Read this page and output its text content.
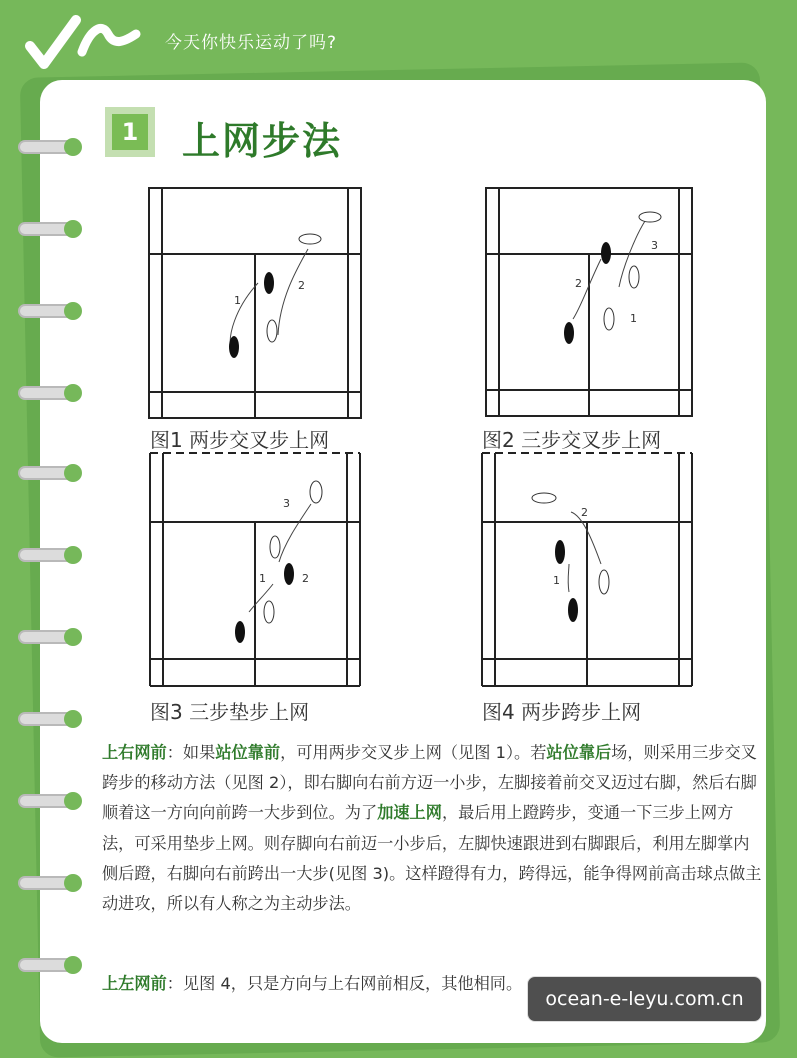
今天你快乐运动了吗?
1 上网步法
1
2
图1 两步交叉步上网
1
2
3
图2 三步交叉步上网
1	2
3
图3 三步垫步上网
1
2
图4 两步跨步上网
上右网前：如果站位靠前，可用两步交叉步上网（见图 1）。若站位靠后场，则采用三步交叉跨步的移动方法（见图 2），即右脚向右前方迈一小步，左脚接着前交叉迈过右脚，然后右脚顺着这一方向向前跨一大步到位。为了加速上网，最后用上蹬跨步，变通一下三步上网方法，可采用垫步上网。则存脚向右前迈一小步后，左脚快速跟进到右脚跟后，利用左脚掌内侧后蹬，右脚向右前跨出一大步(见图 3)。这样蹬得有力，跨得远，能争得网前高击球点做主动进攻，所以有人称之为主动步法。
上左网前：见图 4，只是方向与上右网前相反，其他相同。
ocean-e-leyu.com.cn
